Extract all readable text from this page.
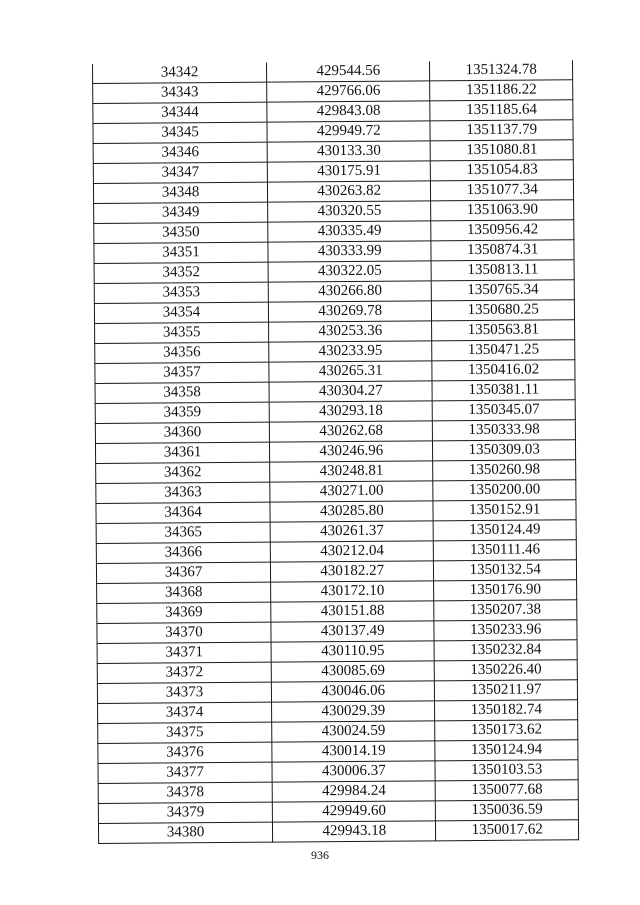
34342	429544.56	1351324.78
34343	429766.06	1351186.22
34344	429843.08	1351185.64
34345	429949.72	1351137.79
34346	430133.30	1351080.81
34347	430175.91	1351054.83
34348	430263.82	1351077.34
34349	430320.55	1351063.90
34350	430335.49	1350956.42
34351	430333.99	1350874.31
34352	430322.05	1350813.11
34353	430266.80	1350765.34
34354	430269.78	1350680.25
34355	430253.36	1350563.81
34356	430233.95	1350471.25
34357	430265.31	1350416.02
34358	430304.27	1350381.11
34359	430293.18	1350345.07
34360	430262.68	1350333.98
34361	430246.96	1350309.03
34362	430248.81	1350260.98
34363	430271.00	1350200.00
34364	430285.80	1350152.91
34365	430261.37	1350124.49
34366	430212.04	1350111.46
34367	430182.27	1350132.54
34368	430172.10	1350176.90
34369	430151.88	1350207.38
34370	430137.49	1350233.96
34371	430110.95	1350232.84
34372	430085.69	1350226.40
34373	430046.06	1350211.97
34374	430029.39	1350182.74
34375	430024.59	1350173.62
34376	430014.19	1350124.94
34377	430006.37	1350103.53
34378	429984.24	1350077.68
34379	429949.60	1350036.59
34380	429943.18	1350017.62
936
